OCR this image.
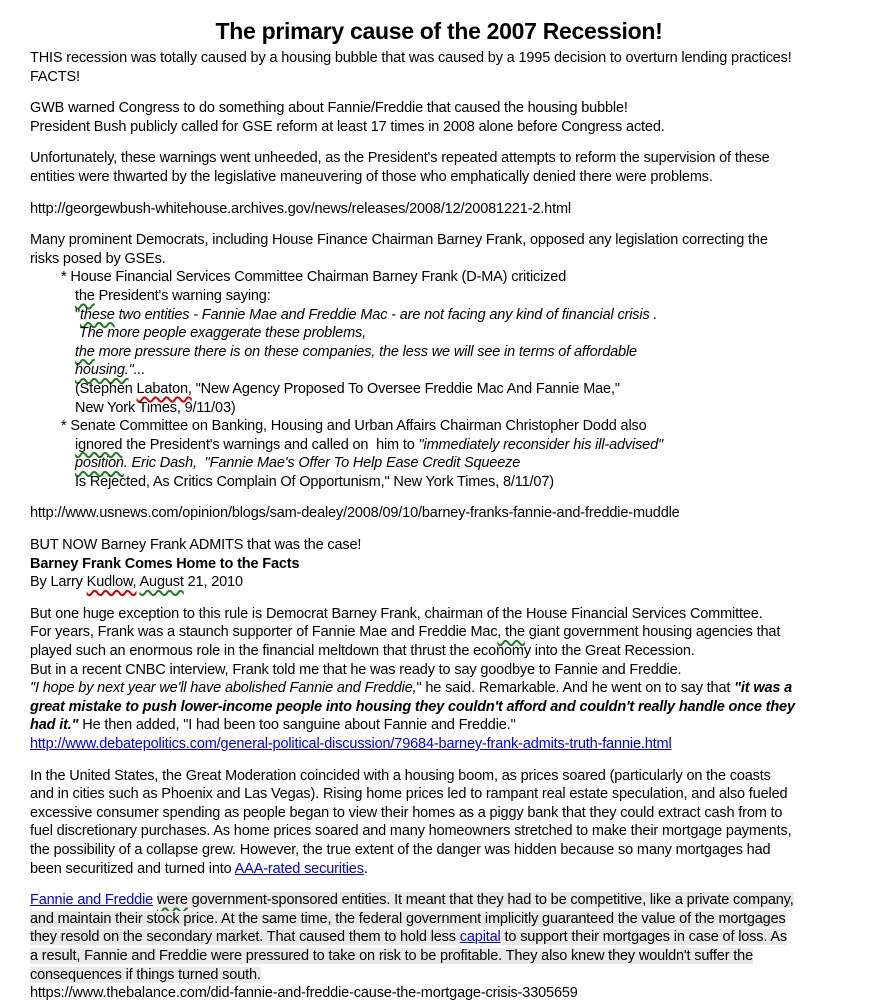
The primary cause of the 2007 Recession!
THIS recession was totally caused by a housing bubble that was caused by a 1995 decision to overturn lending practices!
FACTS!
GWB warned Congress to do something about Fannie/Freddie that caused the housing bubble!
President Bush publicly called for GSE reform at least 17 times in 2008 alone before Congress acted.
Unfortunately, these warnings went unheeded, as the President's repeated attempts to reform the supervision of these
entities were thwarted by the legislative maneuvering of those who emphatically denied there were problems.
http://georgewbush-whitehouse.archives.gov/news/releases/2008/12/20081221-2.html
Many prominent Democrats, including House Finance Chairman Barney Frank, opposed any legislation correcting the
risks posed by GSEs.
* House Financial Services Committee Chairman Barney Frank (D-MA) criticized
the President's warning saying:
"these two entities - Fannie Mae and Freddie Mac - are not facing any kind of financial crisis .
The more people exaggerate these problems,
the more pressure there is on these companies, the less we will see in terms of affordable
housing."...
(Stephen Labaton, "New Agency Proposed To Oversee Freddie Mac And Fannie Mae,"
New York Times, 9/11/03)
* Senate Committee on Banking, Housing and Urban Affairs Chairman Christopher Dodd also
ignored the President's warnings and called on  him to "immediately reconsider his ill-advised"
position. Eric Dash,  "Fannie Mae's Offer To Help Ease Credit Squeeze
Is Rejected, As Critics Complain Of Opportunism," New York Times, 8/11/07)
http://www.usnews.com/opinion/blogs/sam-dealey/2008/09/10/barney-franks-fannie-and-freddie-muddle
BUT NOW Barney Frank ADMITS that was the case!
Barney Frank Comes Home to the Facts
By Larry Kudlow, August 21, 2010
But one huge exception to this rule is Democrat Barney Frank, chairman of the House Financial Services Committee.
For years, Frank was a staunch supporter of Fannie Mae and Freddie Mac, the giant government housing agencies that
played such an enormous role in the financial meltdown that thrust the economy into the Great Recession.
But in a recent CNBC interview, Frank told me that he was ready to say goodbye to Fannie and Freddie.
"I hope by next year we'll have abolished Fannie and Freddie," he said. Remarkable. And he went on to say that "it was a
great mistake to push lower-income people into housing they couldn't afford and couldn't really handle once they
had it." He then added, "I had been too sanguine about Fannie and Freddie."
http://www.debatepolitics.com/general-political-discussion/79684-barney-frank-admits-truth-fannie.html
In the United States, the Great Moderation coincided with a housing boom, as prices soared (particularly on the coasts
and in cities such as Phoenix and Las Vegas). Rising home prices led to rampant real estate speculation, and also fueled
excessive consumer spending as people began to view their homes as a piggy bank that they could extract cash from to
fuel discretionary purchases. As home prices soared and many homeowners stretched to make their mortgage payments,
the possibility of a collapse grew. However, the true extent of the danger was hidden because so many mortgages had
been securitized and turned into AAA-rated securities.
Fannie and Freddie were government-sponsored entities. It meant that they had to be competitive, like a private company,
and maintain their stock price. At the same time, the federal government implicitly guaranteed the value of the mortgages
they resold on the secondary market. That caused them to hold less capital to support their mortgages in case of loss. As
a result, Fannie and Freddie were pressured to take on risk to be profitable. They also knew they wouldn't suffer the
consequences if things turned south.
https://www.thebalance.com/did-fannie-and-freddie-cause-the-mortgage-crisis-3305659
